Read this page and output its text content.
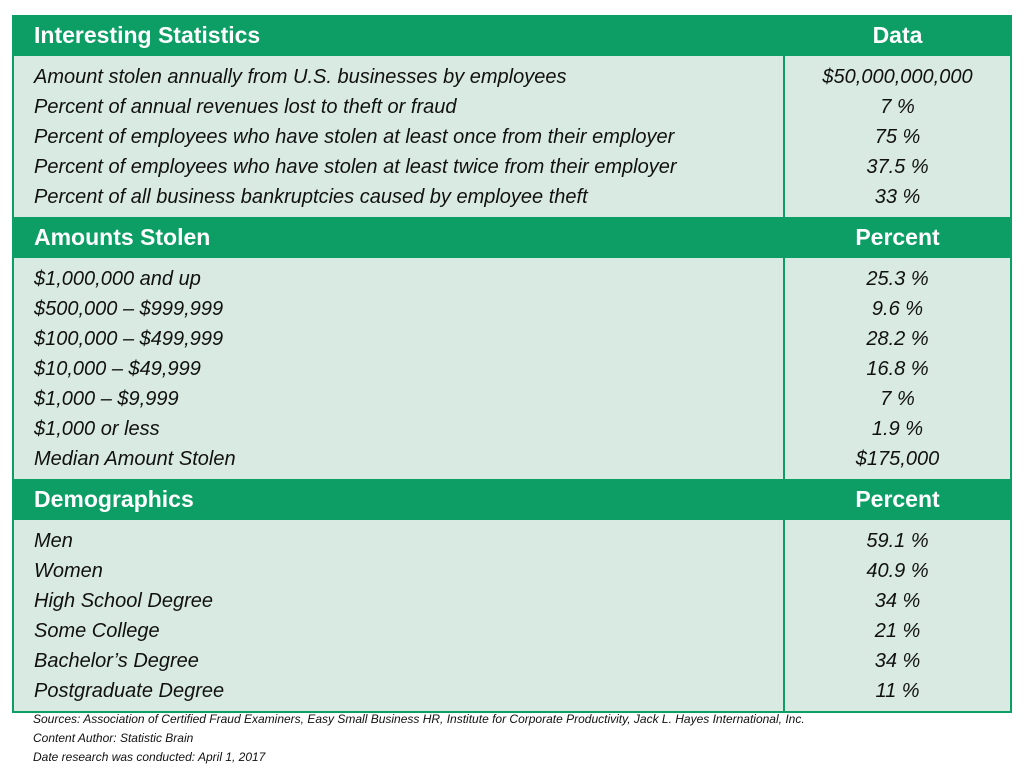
Interesting Statistics	Data
Amount stolen annually from U.S. businesses by employees	$50,000,000,000
Percent of annual revenues lost to theft or fraud	7 %
Percent of employees who have stolen at least once from their employer	75 %
Percent of employees who have stolen at least twice from their employer	37.5 %
Percent of all business bankruptcies caused by employee theft	33 %
Amounts Stolen	Percent
$1,000,000 and up	25.3 %
$500,000 – $999,999	9.6 %
$100,000 – $499,999	28.2 %
$10,000 – $49,999	16.8 %
$1,000 – $9,999	7 %
$1,000 or less	1.9 %
Median Amount Stolen	$175,000
Demographics	Percent
Men	59.1 %
Women	40.9 %
High School Degree	34 %
Some College	21 %
Bachelor’s Degree	34 %
Postgraduate Degree	11 %
Sources: Association of Certified Fraud Examiners, Easy Small Business HR, Institute for Corporate Productivity, Jack L. Hayes International, Inc.
Content Author: Statistic Brain
Date research was conducted: April 1, 2017
